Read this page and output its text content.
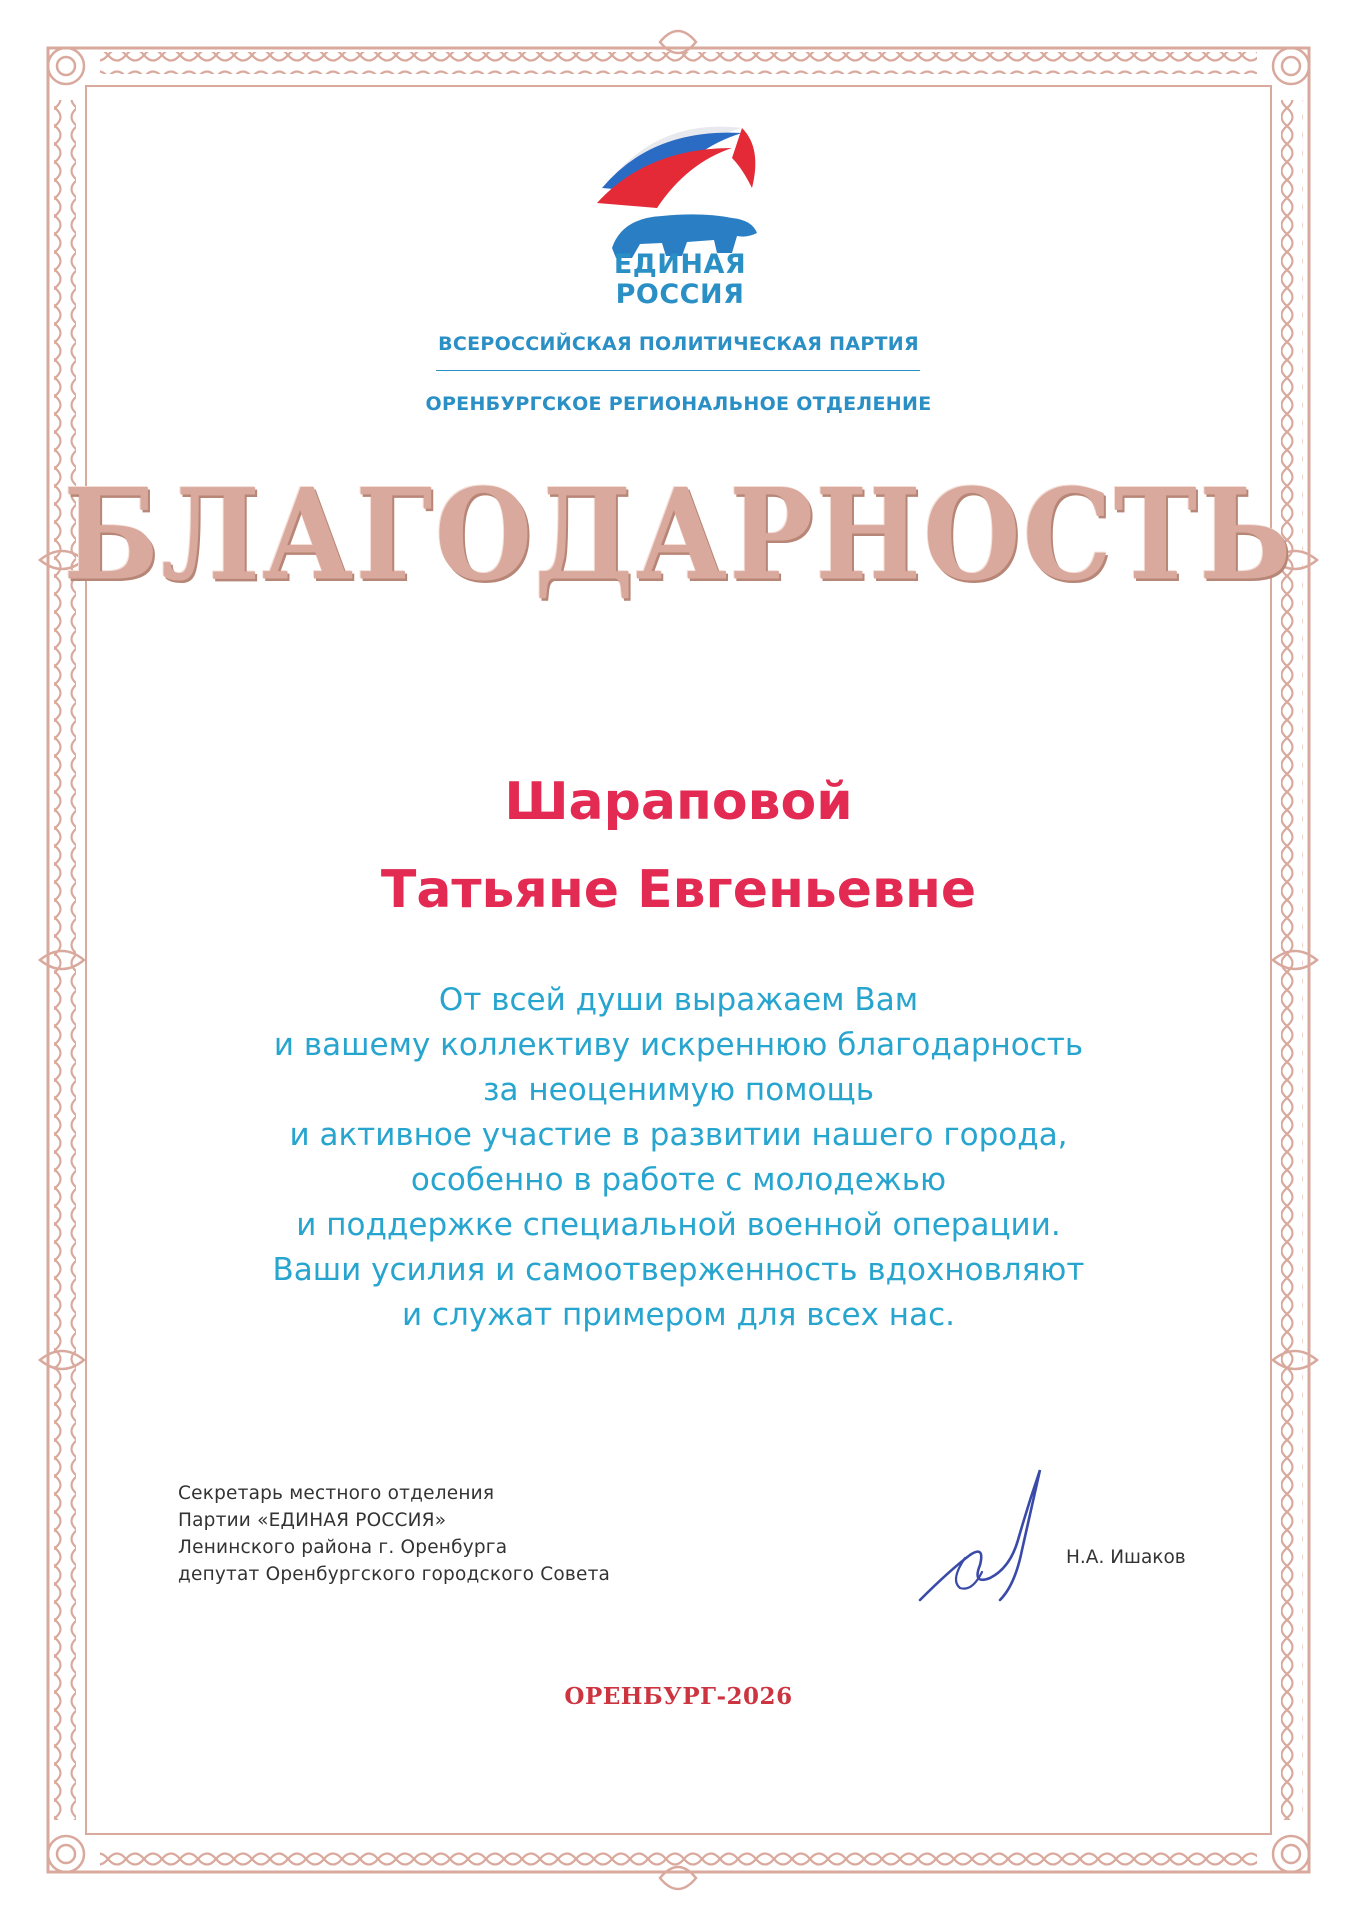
ЕДИНАЯ
РОССИЯ
ВСЕРОССИЙСКАЯ ПОЛИТИЧЕСКАЯ ПАРТИЯ
ОРЕНБУРГСКОЕ РЕГИОНАЛЬНОЕ ОТДЕЛЕНИЕ
БЛАГОДАРНОСТЬ
Шараповой
Татьяне Евгеньевне
От всей души выражаем Вам
и вашему коллективу искреннюю благодарность
за неоценимую помощь
и активное участие в развитии нашего города,
особенно в работе с молодежью
и поддержке специальной военной операции.
Ваши усилия и самоотверженность вдохновляют
и служат примером для всех нас.
Секретарь местного отделения
Партии «ЕДИНАЯ РОССИЯ»
Ленинского района г. Оренбурга
депутат Оренбургского городского Совета
Н.А. Ишаков
ОРЕНБУРГ-2026
